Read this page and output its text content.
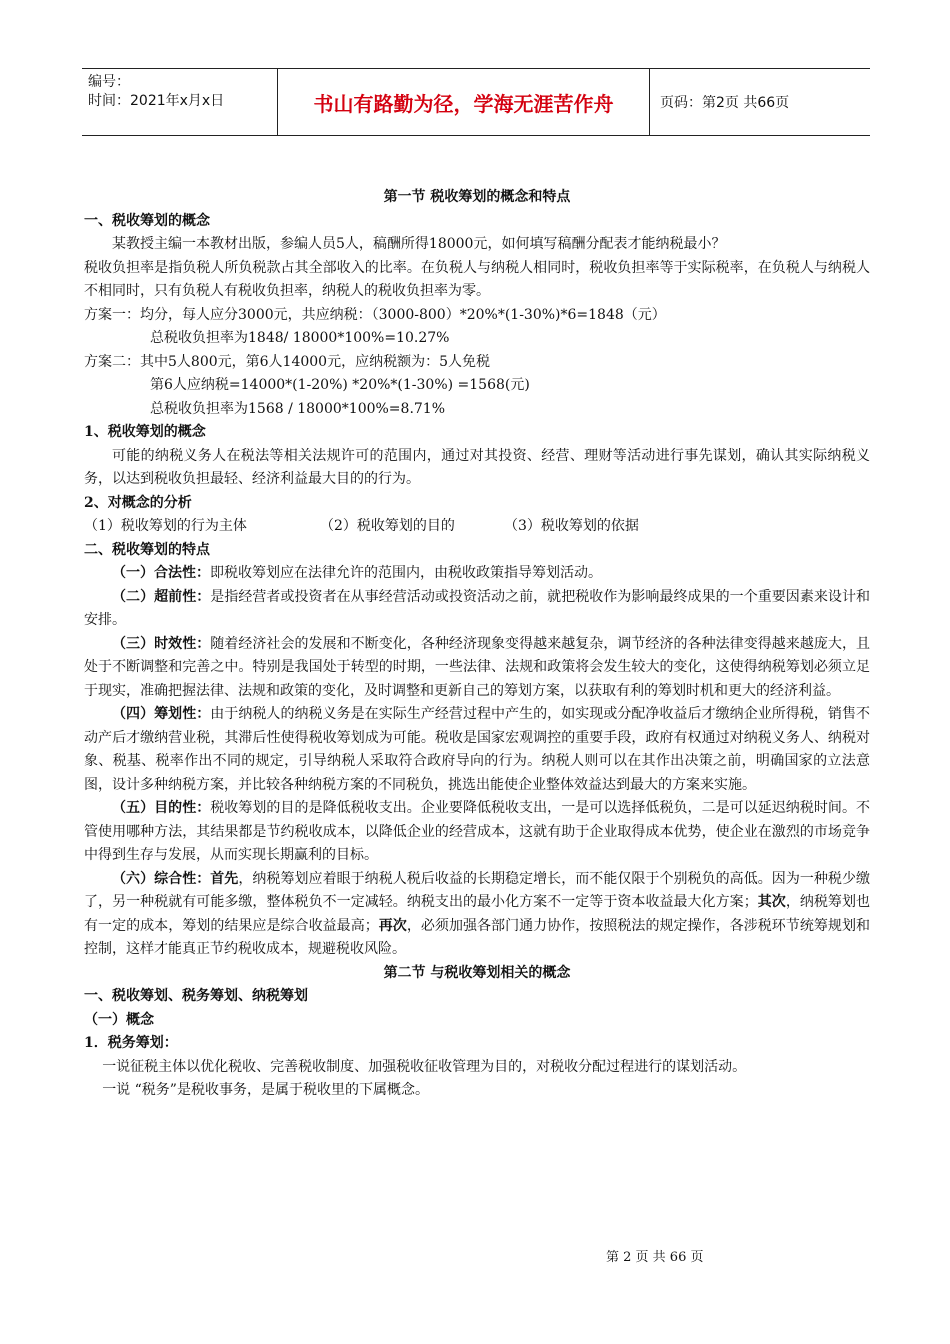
编号：
时间：2021年x月x日	书山有路勤为径，学海无涯苦作舟	页码：第2页 共66页

第一节 税收筹划的概念和特点

一、税收筹划的概念

某教授主编一本教材出版，参编人员5人，稿酬所得18000元，如何填写稿酬分配表才能纳税最小？

税收负担率是指负税人所负税款占其全部收入的比率。在负税人与纳税人相同时，税收负担率等于实际税率，在负税人与纳税人不相同时，只有负税人有税收负担率，纳税人的税收负担率为零。

方案一：均分，每人应分3000元，共应纳税：（3000-800）*20%*(1-30%)*6=1848（元）

总税收负担率为1848/ 18000*100%=10.27%

方案二：其中5人800元，第6人14000元，应纳税额为：5人免税

第6人应纳税=14000*(1-20%) *20%*(1-30%) =1568(元)

总税收负担率为1568 / 18000*100%=8.71%

1、税收筹划的概念

可能的纳税义务人在税法等相关法规许可的范围内，通过对其投资、经营、理财等活动进行事先谋划，确认其实际纳税义务，以达到税收负担最轻、经济利益最大目的的行为。

2、对概念的分析

（1）税收筹划的行为主体	（2）税收筹划的目的	（3）税收筹划的依据

二、税收筹划的特点

（一）合法性：即税收筹划应在法律允许的范围内，由税收政策指导筹划活动。

（二）超前性：是指经营者或投资者在从事经营活动或投资活动之前，就把税收作为影响最终成果的一个重要因素来设计和安排。

（三）时效性：随着经济社会的发展和不断变化，各种经济现象变得越来越复杂，调节经济的各种法律变得越来越庞大，且处于不断调整和完善之中。特别是我国处于转型的时期，一些法律、法规和政策将会发生较大的变化，这使得纳税筹划必须立足于现实，准确把握法律、法规和政策的变化，及时调整和更新自己的筹划方案，以获取有利的筹划时机和更大的经济利益。

（四）筹划性：由于纳税人的纳税义务是在实际生产经营过程中产生的，如实现或分配净收益后才缴纳企业所得税，销售不动产后才缴纳营业税，其滞后性使得税收筹划成为可能。税收是国家宏观调控的重要手段，政府有权通过对纳税义务人、纳税对象、税基、税率作出不同的规定，引导纳税人采取符合政府导向的行为。纳税人则可以在其作出决策之前，明确国家的立法意图，设计多种纳税方案，并比较各种纳税方案的不同税负，挑选出能使企业整体效益达到最大的方案来实施。

（五）目的性：税收筹划的目的是降低税收支出。企业要降低税收支出，一是可以选择低税负，二是可以延迟纳税时间。不管使用哪种方法，其结果都是节约税收成本，以降低企业的经营成本，这就有助于企业取得成本优势，使企业在激烈的市场竞争中得到生存与发展，从而实现长期赢利的目标。

（六）综合性：首先，纳税筹划应着眼于纳税人税后收益的长期稳定增长，而不能仅限于个别税负的高低。因为一种税少缴了，另一种税就有可能多缴，整体税负不一定减轻。纳税支出的最小化方案不一定等于资本收益最大化方案；其次，纳税筹划也有一定的成本，筹划的结果应是综合收益最高；再次，必须加强各部门通力协作，按照税法的规定操作，各涉税环节统筹规划和控制，这样才能真正节约税收成本，规避税收风险。

第二节 与税收筹划相关的概念

一、税收筹划、税务筹划、纳税筹划

（一）概念

1．税务筹划：

一说征税主体以优化税收、完善税收制度、加强税收征收管理为目的，对税收分配过程进行的谋划活动。

一说 “税务”是税收事务，是属于税收里的下属概念。

第 2 页 共 66 页
